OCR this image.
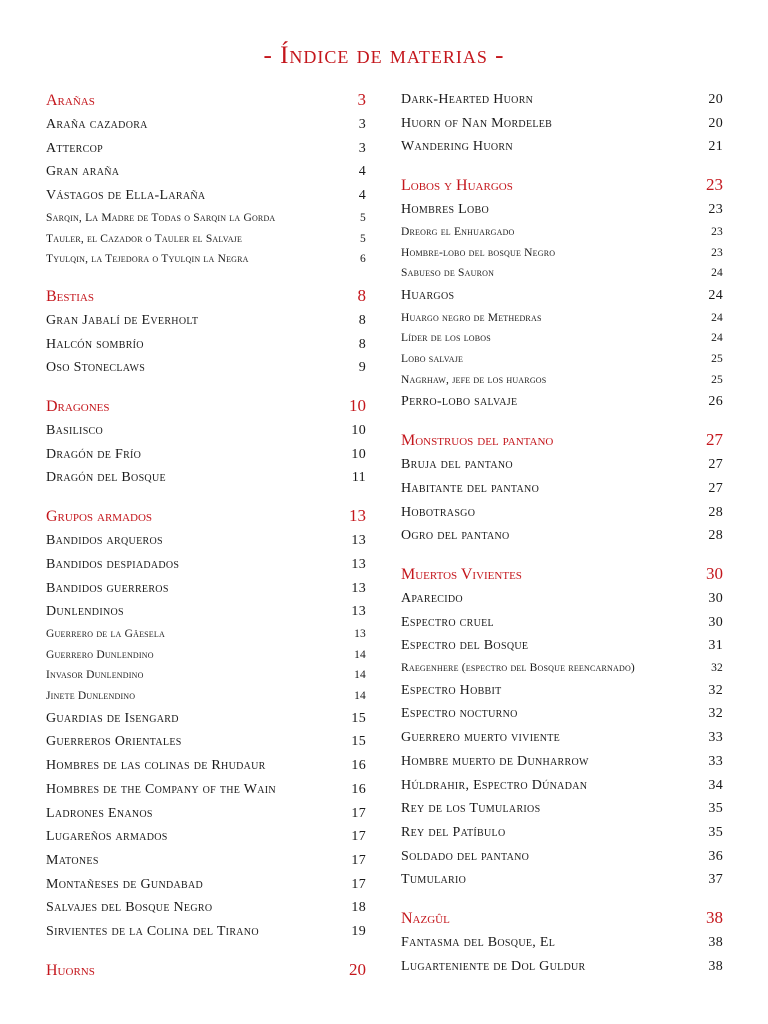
- Índice de materias -
Arañas	3
Araña cazadora	3
Attercop	3
Gran araña	4
Vástagos de Ella-Laraña	4
Sarqin, La Madre de Todas o Sarqin la Gorda	5
Tauler, el Cazador o Tauler el Salvaje	5
Tyulqin, la Tejedora o Tyulqin la Negra	6
Bestias	8
Gran Jabalí de Everholt	8
Halcón sombrío	8
Oso Stoneclaws	9
Dragones	10
Basilisco	10
Dragón de Frío	10
Dragón del Bosque	11
Grupos armados	13
Bandidos arqueros	13
Bandidos despiadados	13
Bandidos guerreros	13
Dunlendinos	13
Guerrero de la Gäesela	13
Guerrero Dunlendino	14
Invasor Dunlendino	14
Jinete Dunlendino	14
Guardias de Isengard	15
Guerreros Orientales	15
Hombres de las colinas de Rhudaur	16
Hombres de the Company of the Wain	16
Ladrones Enanos	17
Lugareños armados	17
Matones	17
Montañeses de Gundabad	17
Salvajes del Bosque Negro	18
Sirvientes de la Colina del Tirano	19
Huorns	20
Dark-Hearted Huorn	20
Huorn of Nan Mordeleb	20
Wandering Huorn	21
Lobos y Huargos	23
Hombres Lobo	23
Dreorg el Enhuargado	23
Hombre-lobo del bosque Negro	23
Sabueso de Sauron	24
Huargos	24
Huargo negro de Methedras	24
Líder de los lobos	24
Lobo salvaje	25
Nagrhaw, jefe de los huargos	25
Perro-lobo salvaje	26
Monstruos del pantano	27
Bruja del pantano	27
Habitante del pantano	27
Hobotrasgo	28
Ogro del pantano	28
Muertos Vivientes	30
Aparecido	30
Espectro cruel	30
Espectro del Bosque	31
Raegenhere (espectro del Bosque reencarnado)	32
Espectro Hobbit	32
Espectro nocturno	32
Guerrero muerto viviente	33
Hombre muerto de Dunharrow	33
Húldrahir, Espectro Dúnadan	34
Rey de los Tumularios	35
Rey del Patíbulo	35
Soldado del pantano	36
Tumulario	37
Nazgûl	38
Fantasma del Bosque, El	38
Lugarteniente de Dol Guldur	38
